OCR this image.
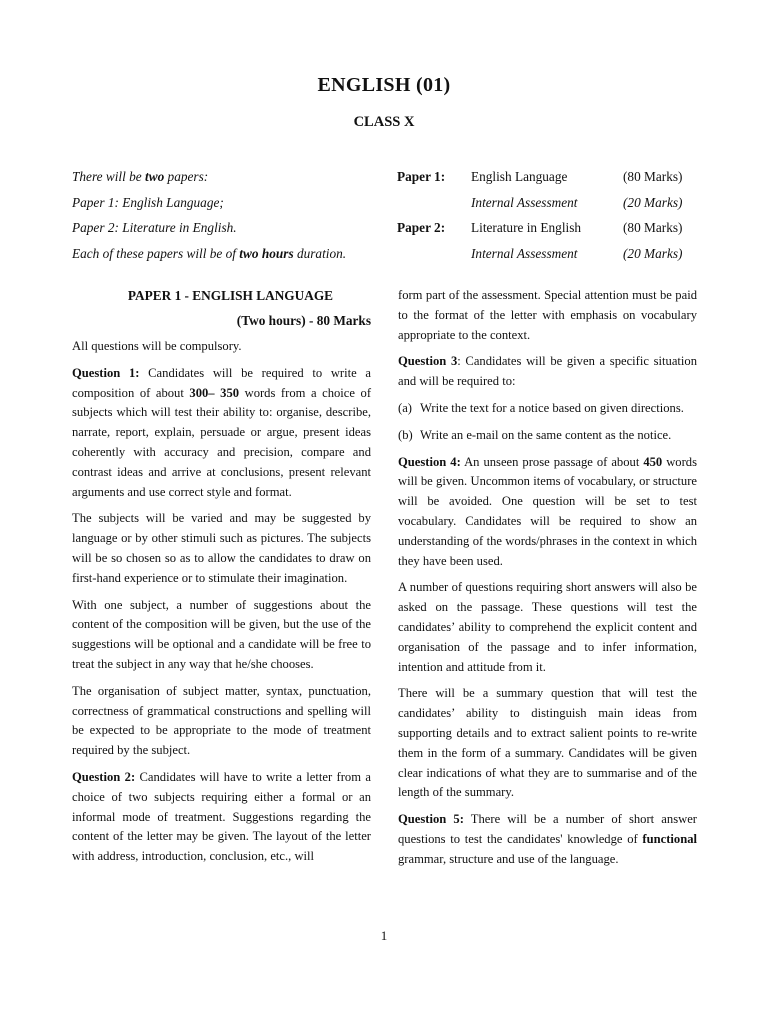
ENGLISH (01)
CLASS X
There will be two papers:
Paper 1: English Language;
Paper 2: Literature in English.
Each of these papers will be of two hours duration.
Paper 1: English Language	(80 Marks)
Internal Assessment	(20 Marks)
Paper 2: Literature in English	(80 Marks)
Internal Assessment	(20 Marks)
PAPER 1 - ENGLISH LANGUAGE
(Two hours) - 80 Marks

All questions will be compulsory.

Question 1: Candidates will be required to write a composition of about 300– 350 words from a choice of subjects which will test their ability to: organise, describe, narrate, report, explain, persuade or argue, present ideas coherently with accuracy and precision, compare and contrast ideas and arrive at conclusions, present relevant arguments and use correct style and format.

The subjects will be varied and may be suggested by language or by other stimuli such as pictures. The subjects will be so chosen so as to allow the candidates to draw on first-hand experience or to stimulate their imagination.

With one subject, a number of suggestions about the content of the composition will be given, but the use of the suggestions will be optional and a candidate will be free to treat the subject in any way that he/she chooses.

The organisation of subject matter, syntax, punctuation, correctness of grammatical constructions and spelling will be expected to be appropriate to the mode of treatment required by the subject.

Question 2: Candidates will have to write a letter from a choice of two subjects requiring either a formal or an informal mode of treatment. Suggestions regarding the content of the letter may be given. The layout of the letter with address, introduction, conclusion, etc., will

form part of the assessment. Special attention must be paid to the format of the letter with emphasis on vocabulary appropriate to the context.

Question 3: Candidates will be given a specific situation and will be required to:

(a) Write the text for a notice based on given directions.
(b) Write an e-mail on the same content as the notice.

Question 4: An unseen prose passage of about 450 words will be given. Uncommon items of vocabulary, or structure will be avoided. One question will be set to test vocabulary. Candidates will be required to show an understanding of the words/phrases in the context in which they have been used.

A number of questions requiring short answers will also be asked on the passage. These questions will test the candidates’ ability to comprehend the explicit content and organisation of the passage and to infer information, intention and attitude from it.

There will be a summary question that will test the candidates’ ability to distinguish main ideas from supporting details and to extract salient points to re-write them in the form of a summary. Candidates will be given clear indications of what they are to summarise and of the length of the summary.

Question 5: There will be a number of short answer questions to test the candidates' knowledge of functional grammar, structure and use of the language.

1
